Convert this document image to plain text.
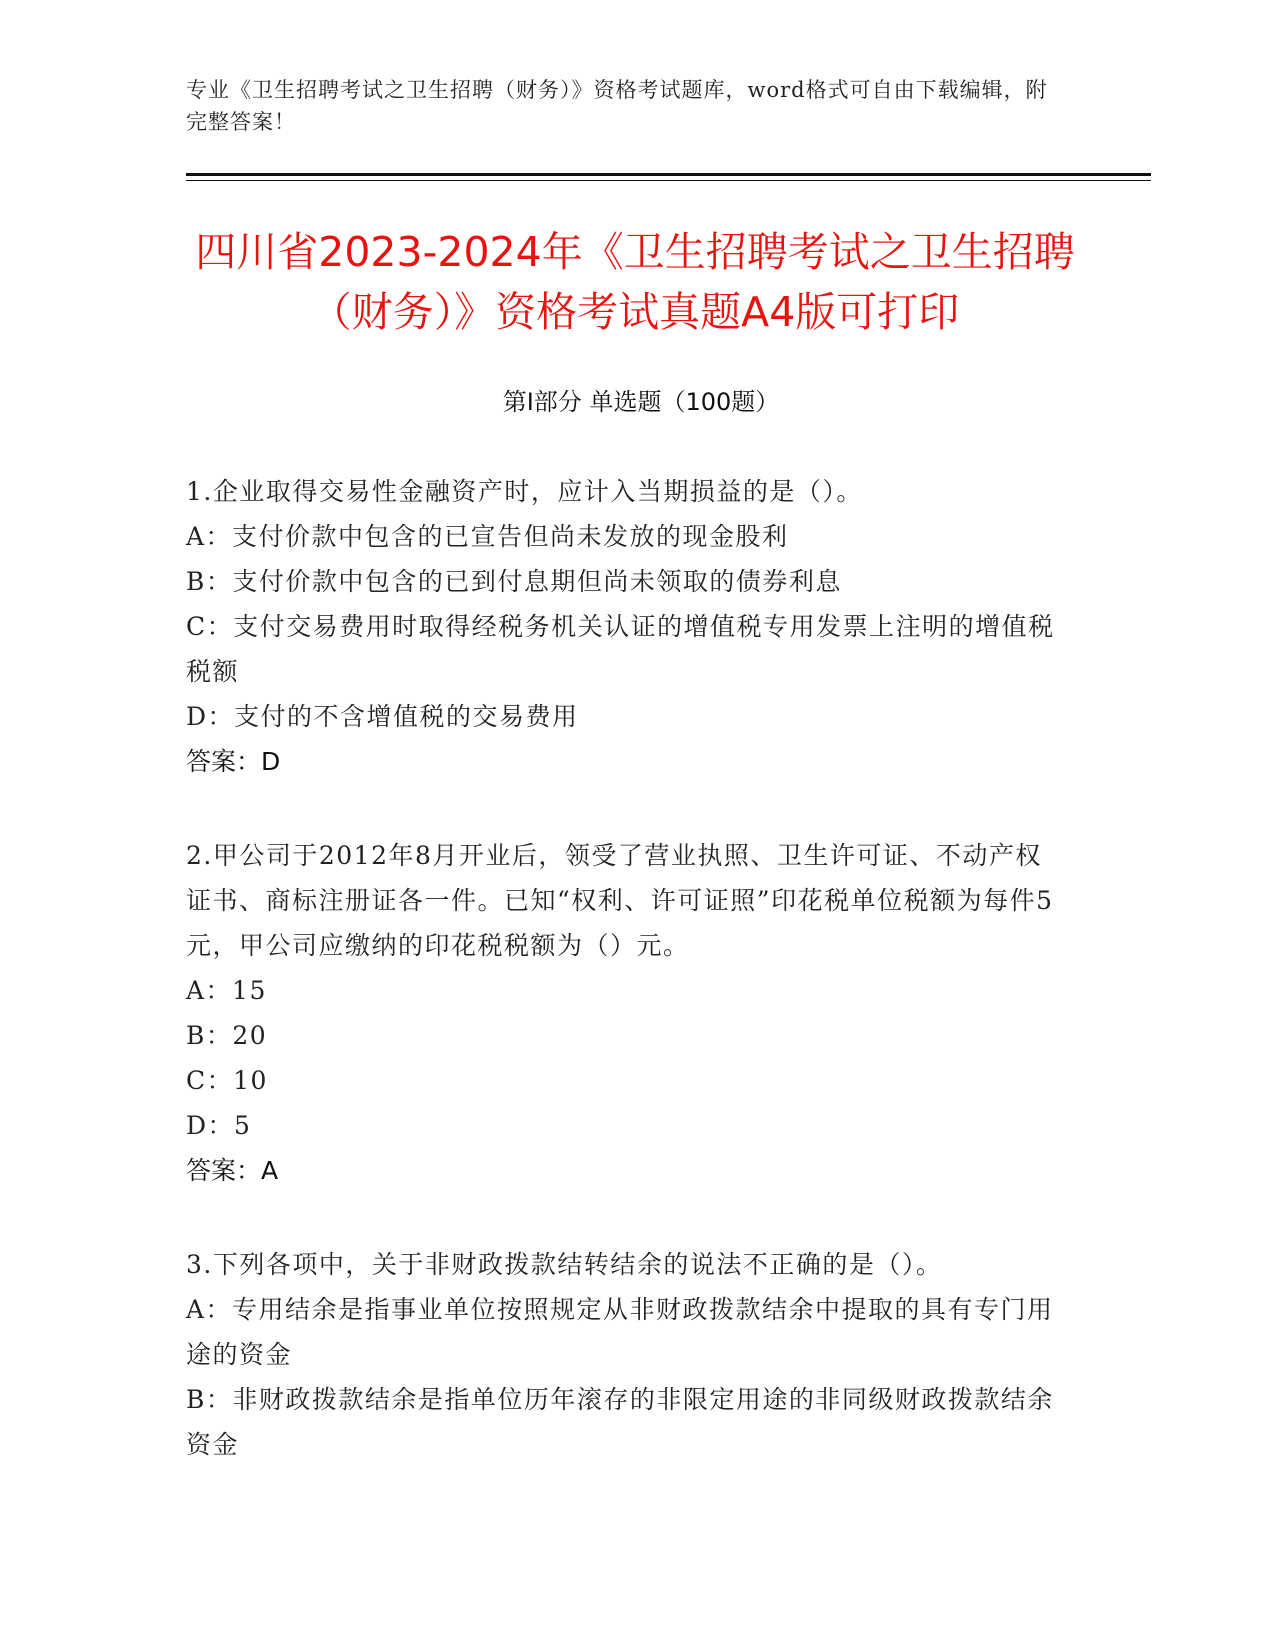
专业《卫生招聘考试之卫生招聘（财务）》资格考试题库，word格式可自由下载编辑，附完整答案！
四川省2023-2024年《卫生招聘考试之卫生招聘（财务）》资格考试真题A4版可打印
第Ⅰ部分 单选题（100题）
1.企业取得交易性金融资产时，应计入当期损益的是（）。
A：支付价款中包含的已宣告但尚未发放的现金股利
B：支付价款中包含的已到付息期但尚未领取的债券利息
C：支付交易费用时取得经税务机关认证的增值税专用发票上注明的增值税税额
D：支付的不含增值税的交易费用
答案：D
2.甲公司于2012年8月开业后，领受了营业执照、卫生许可证、不动产权证书、商标注册证各一件。已知“权利、许可证照”印花税单位税额为每件5元，甲公司应缴纳的印花税税额为（）元。
A：15
B：20
C：10
D：5
答案：A
3.下列各项中，关于非财政拨款结转结余的说法不正确的是（）。
A：专用结余是指事业单位按照规定从非财政拨款结余中提取的具有专门用途的资金
B：非财政拨款结余是指单位历年滚存的非限定用途的非同级财政拨款结余资金
